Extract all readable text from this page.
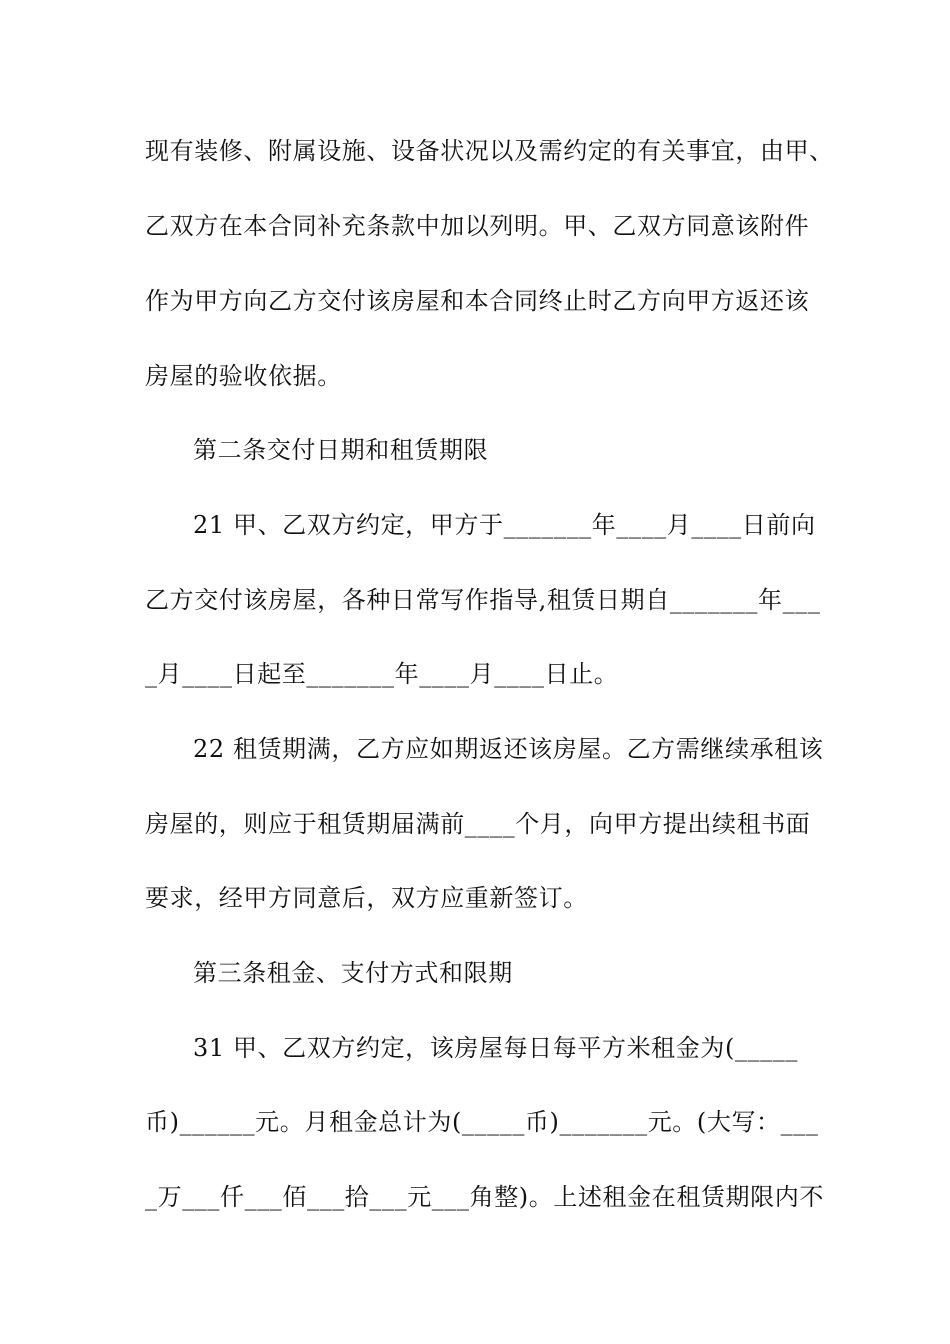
现有装修、附属设施、设备状况以及需约定的有关事宜，由甲、
乙双方在本合同补充条款中加以列明。甲、乙双方同意该附件
作为甲方向乙方交付该房屋和本合同终止时乙方向甲方返还该
房屋的验收依据。
第二条交付日期和租赁期限
21 甲、乙双方约定，甲方于_______年____月____日前向
乙方交付该房屋，各种日常写作指导,租赁日期自_______年___
_月____日起至_______年____月____日止。
22 租赁期满，乙方应如期返还该房屋。乙方需继续承租该
房屋的，则应于租赁期届满前____个月，向甲方提出续租书面
要求，经甲方同意后，双方应重新签订。
第三条租金、支付方式和限期
31 甲、乙双方约定，该房屋每日每平方米租金为(_____
币)______元。月租金总计为(_____币)_______元。(大写：___
_万___仟___佰___拾___元___角整)。上述租金在租赁期限内不
